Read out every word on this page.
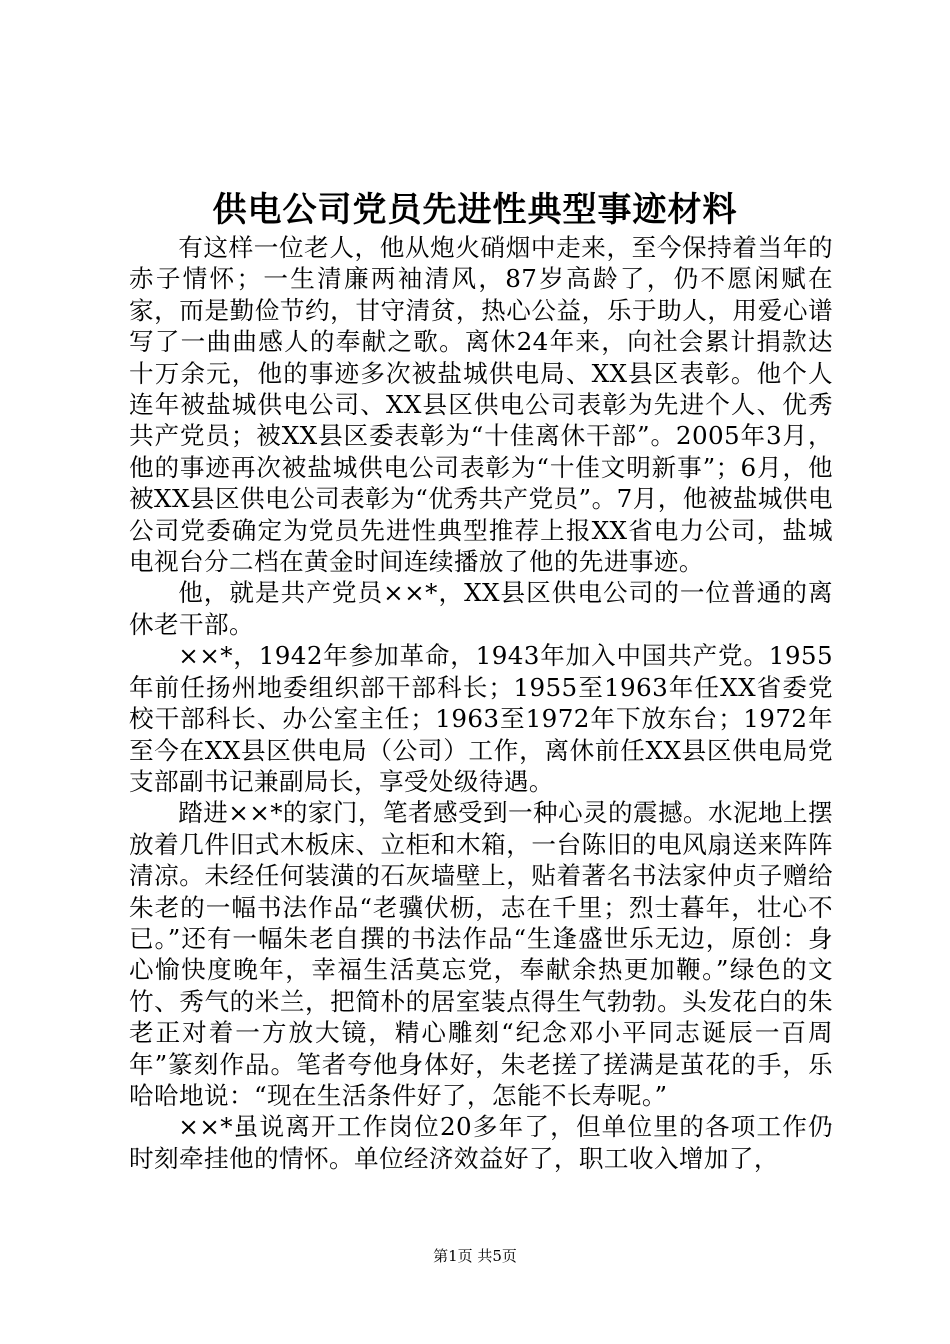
供电公司党员先进性典型事迹材料

有这样一位老人，他从炮火硝烟中走来，至今保持着当年的赤子情怀；一生清廉两袖清风，87岁高龄了，仍不愿闲赋在家，而是勤俭节约，甘守清贫，热心公益，乐于助人，用爱心谱写了一曲曲感人的奉献之歌。离休24年来，向社会累计捐款达十万余元，他的事迹多次被盐城供电局、XX县区表彰。他个人连年被盐城供电公司、XX县区供电公司表彰为先进个人、优秀共产党员；被XX县区委表彰为“十佳离休干部”。2005年3月，他的事迹再次被盐城供电公司表彰为“十佳文明新事”；6月，他被XX县区供电公司表彰为“优秀共产党员”。7月，他被盐城供电公司党委确定为党员先进性典型推荐上报XX省电力公司，盐城电视台分二档在黄金时间连续播放了他的先进事迹。

他，就是共产党员××*，XX县区供电公司的一位普通的离休老干部。

××*，1942年参加革命，1943年加入中国共产党。1955年前任扬州地委组织部干部科长；1955至1963年任XX省委党校干部科长、办公室主任；1963至1972年下放东台；1972年至今在XX县区供电局（公司）工作，离休前任XX县区供电局党支部副书记兼副局长，享受处级待遇。

踏进××*的家门，笔者感受到一种心灵的震撼。水泥地上摆放着几件旧式木板床、立柜和木箱，一台陈旧的电风扇送来阵阵清凉。未经任何装潢的石灰墙壁上，贴着著名书法家仲贞子赠给朱老的一幅书法作品“老骥伏枥，志在千里；烈士暮年，壮心不已。”还有一幅朱老自撰的书法作品“生逢盛世乐无边，原创：身心愉快度晚年，幸福生活莫忘党，奉献余热更加鞭。”绿色的文竹、秀气的米兰，把简朴的居室装点得生气勃勃。头发花白的朱老正对着一方放大镜，精心雕刻“纪念邓小平同志诞辰一百周年”篆刻作品。笔者夸他身体好，朱老搓了搓满是茧花的手，乐哈哈地说：“现在生活条件好了，怎能不长寿呢。”

××*虽说离开工作岗位20多年了，但单位里的各项工作仍时刻牵挂他的情怀。单位经济效益好了，职工收入增加了，

第1页 共5页
